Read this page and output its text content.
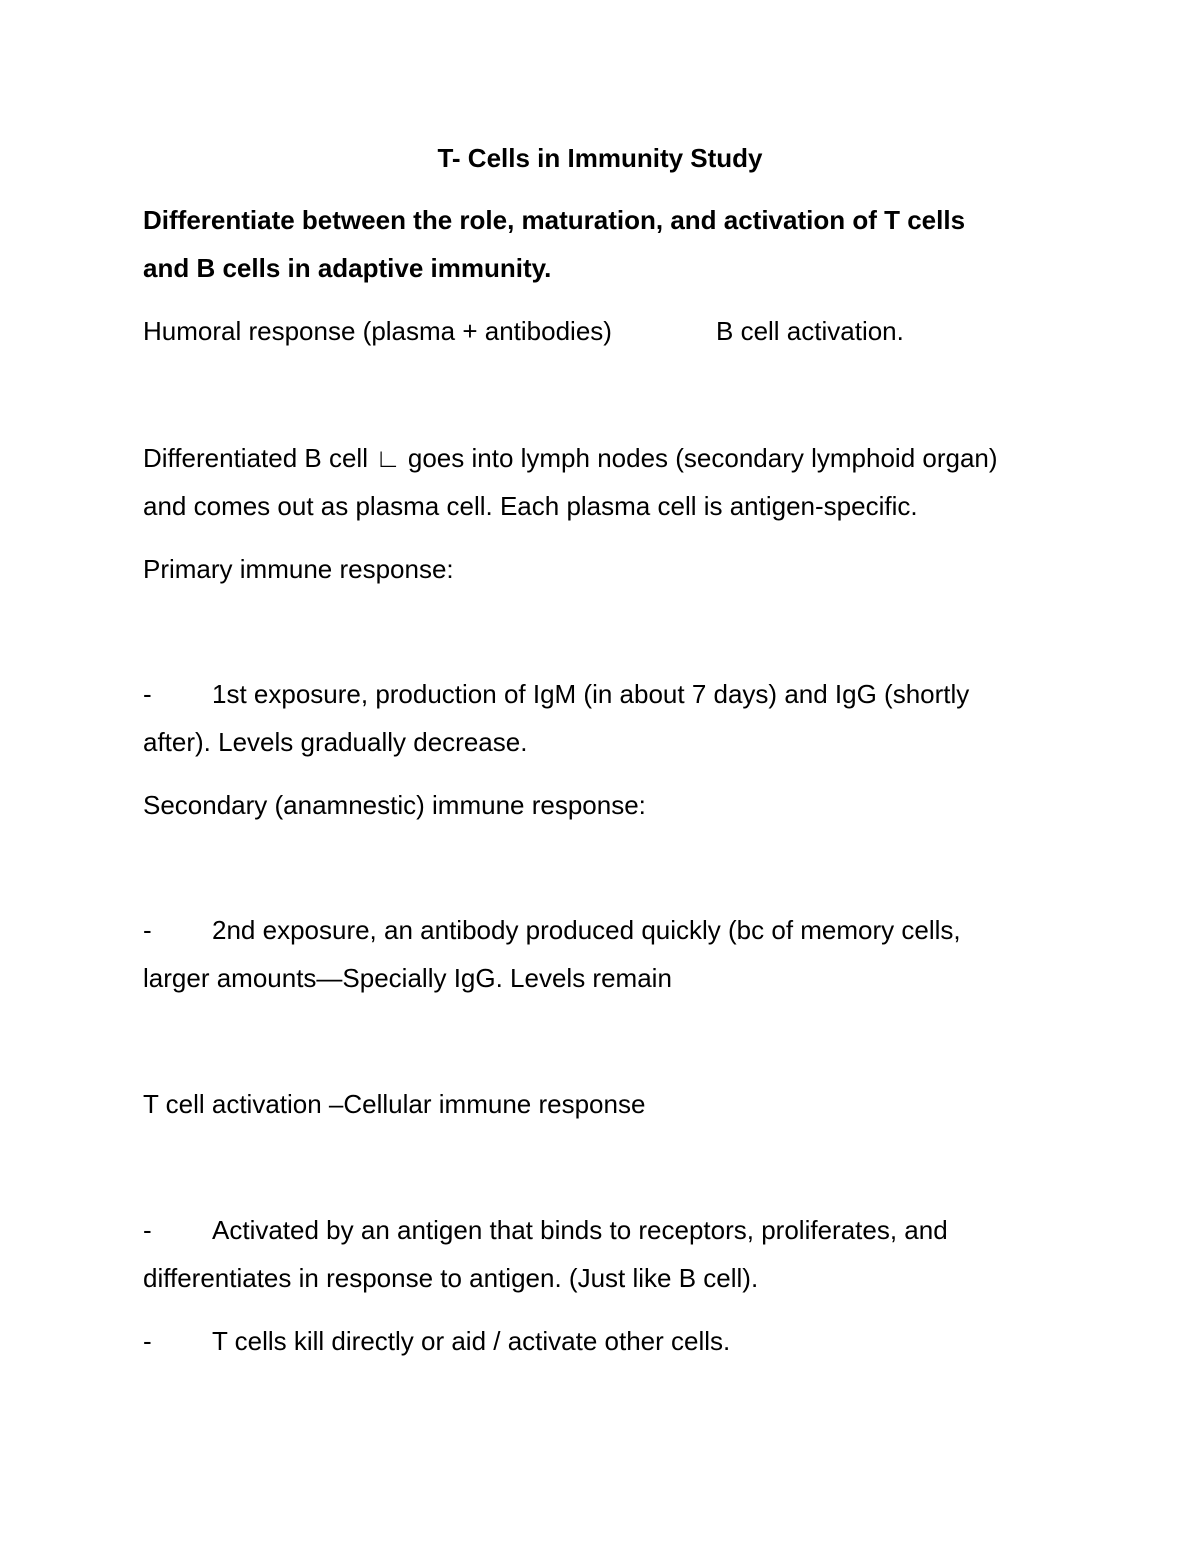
T- Cells in Immunity Study
Differentiate between the role, maturation, and activation of T cells
and B cells in adaptive immunity.
Humoral response (plasma + antibodies)	B cell activation.
Differentiated B cell ∟ goes into lymph nodes (secondary lymphoid organ)
and comes out as plasma cell. Each plasma cell is antigen-specific.
Primary immune response:
- 1st exposure, production of IgM (in about 7 days) and IgG (shortly
after). Levels gradually decrease.
Secondary (anamnestic) immune response:
- 2nd exposure, an antibody produced quickly (bc of memory cells,
larger amounts—Specially IgG. Levels remain
T cell activation –Cellular immune response
- Activated by an antigen that binds to receptors, proliferates, and
differentiates in response to antigen. (Just like B cell).
- T cells kill directly or aid / activate other cells.
